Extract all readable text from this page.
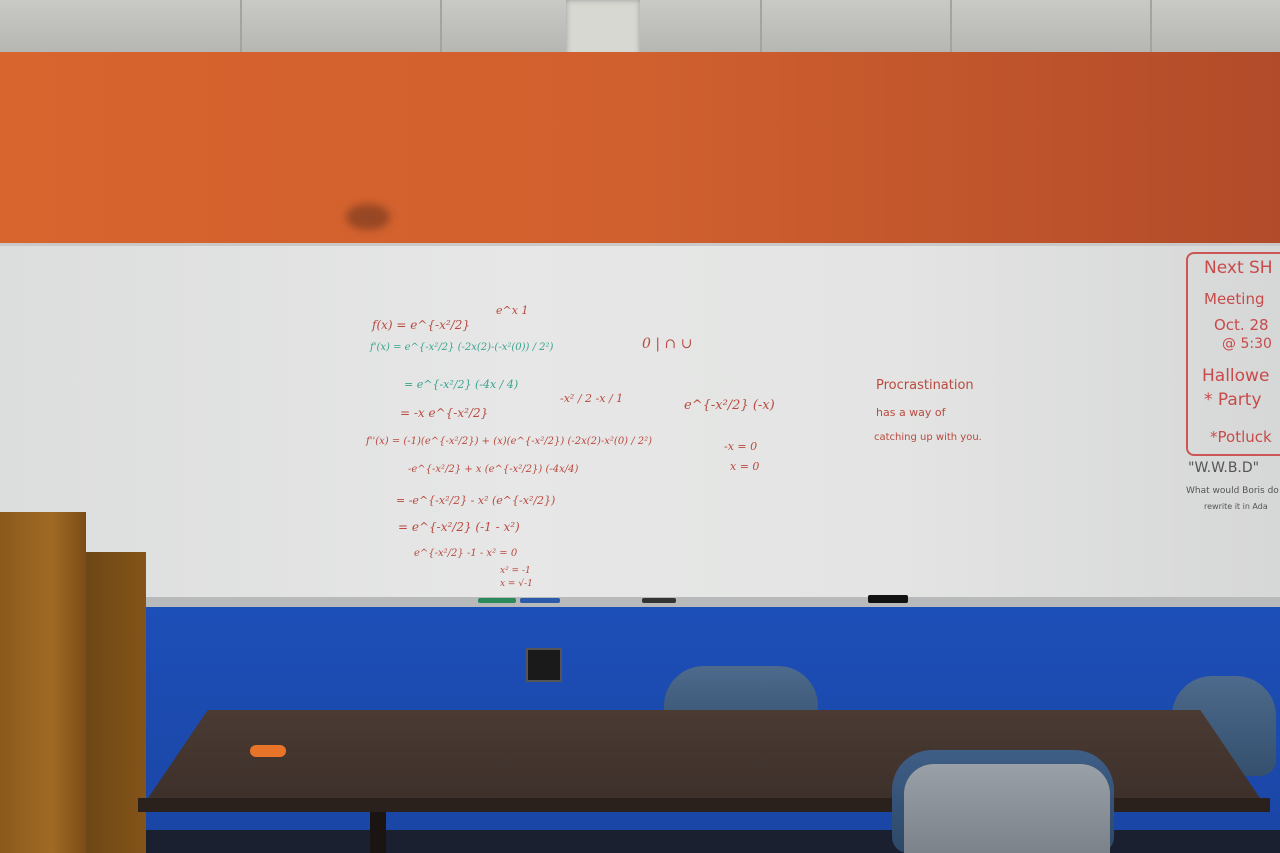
f(x) = e^{-x²/2}
e^x 1
f'(x) = e^{-x²/2} (-2x(2)-(-x²(0)) / 2²)
= e^{-x²/2} (-4x / 4)
= -x e^{-x²/2}
-x² / 2 -x / 1	e^{-x²/2} (-x)
f''(x) = (-1)(e^{-x²/2}) + (x)(e^{-x²/2}) (-2x(2)-x²(0) / 2²)
-e^{-x²/2} + x (e^{-x²/2}) (-4x/4)
= -e^{-x²/2} - x² (e^{-x²/2})
= e^{-x²/2} (-1 - x²)
e^{-x²/2} -1 - x² = 0
x² = -1
x = √-1
-x = 0
x = 0
0 | ∩ ∪
Procrastination
has a way of
catching up with you.
Next SH
Meeting
Oct. 28
@ 5:30
Hallowe
* Party
*Potluck
"W.W.B.D"
What would Boris do
rewrite it in Ada
